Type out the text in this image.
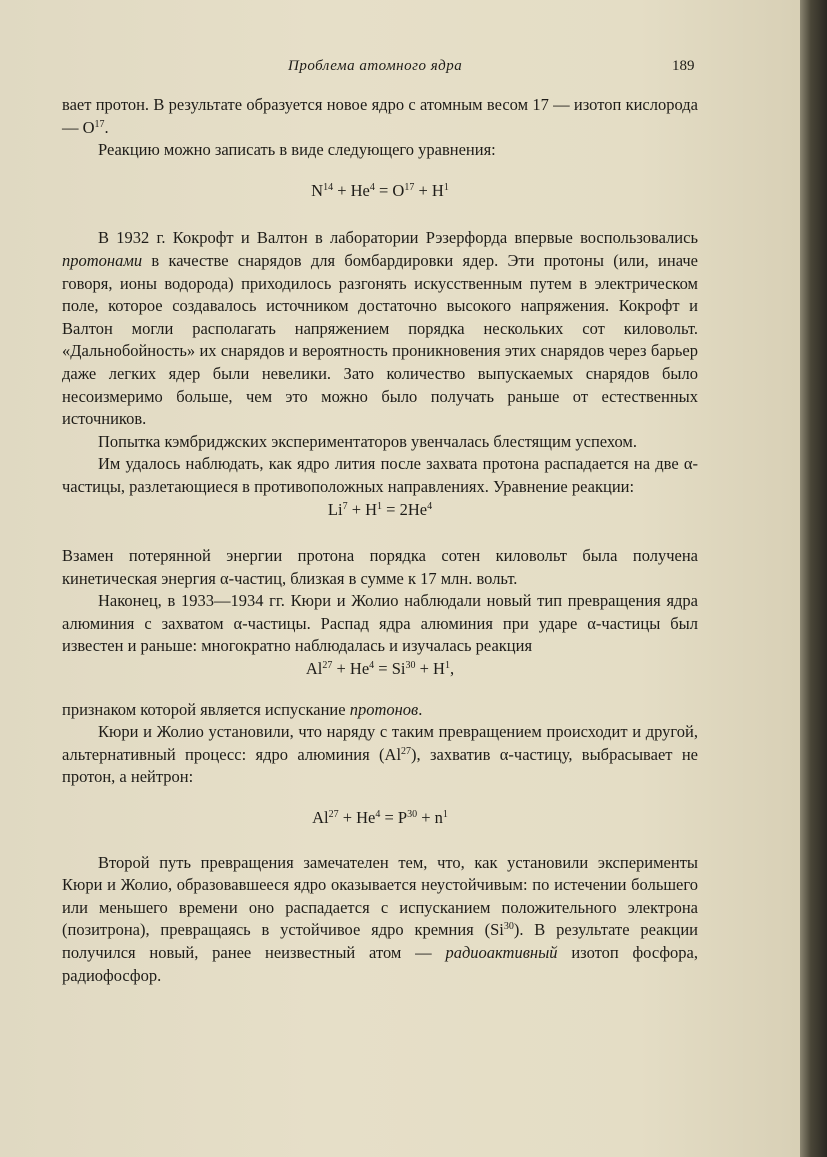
Проблема атомного ядра	189

вает протон. В результате образуется новое ядро с атомным весом 17 — изотоп кислорода — $O^{17}$.

Реакцию можно записать в виде следующего уравнения:

$N^{14} + He^4 = O^{17} + H^1$

В 1932 г. Кокрофт и Валтон в лаборатории Рэзерфорда впервые воспользовались протонами в качестве снарядов для бомбардировки ядер. Эти протоны (или, иначе говоря, ионы водорода) приходилось разгонять искусственным путем в электрическом поле, которое создавалось источником достаточно высокого напряжения. Кокрофт и Валтон могли располагать напряжением порядка нескольких сот киловольт. «Дальнобойность» их снарядов и вероятность проникновения этих снарядов через барьер даже легких ядер были невелики. Зато количество выпускаемых снарядов было несоизмеримо больше, чем это можно было получать раньше от естественных источников.

Попытка кэмбриджских экспериментаторов увенчалась блестящим успехом.

Им удалось наблюдать, как ядро лития после захвата протона распадается на две α-частицы, разлетающиеся в противоположных направлениях. Уравнение реакции:

$Li^7 + H^1 = 2He^4$

Взамен потерянной энергии протона порядка сотен киловольт была получена кинетическая энергия α-частиц, близкая в сумме к 17 млн. вольт.

Наконец, в 1933—1934 гг. Кюри и Жолио наблюдали новый тип превращения ядра алюминия с захватом α-частицы. Распад ядра алюминия при ударе α-частицы был известен и раньше: многократно наблюдалась и изучалась реакция

$Al^{27} + He^4 = Si^{30} + H^1$,

признаком которой является испускание протонов.

Кюри и Жолио установили, что наряду с таким превращением происходит и другой, альтернативный процесс: ядро алюминия (Al$^{27}$), захватив α-частицу, выбрасывает не протон, а нейтрон:

$Al^{27} + He^4 = P^{30} + n^1$

Второй путь превращения замечателен тем, что, как установили эксперименты Кюри и Жолио, образовавшееся ядро оказывается неустойчивым: по истечении большего или меньшего времени оно распадается с испусканием положительного электрона (позитрона), превращаясь в устойчивое ядро кремния (Si$^{30}$). В результате реакции получился новый, ранее неизвестный атом — радиоактивный изотоп фосфора, радиофосфор.
